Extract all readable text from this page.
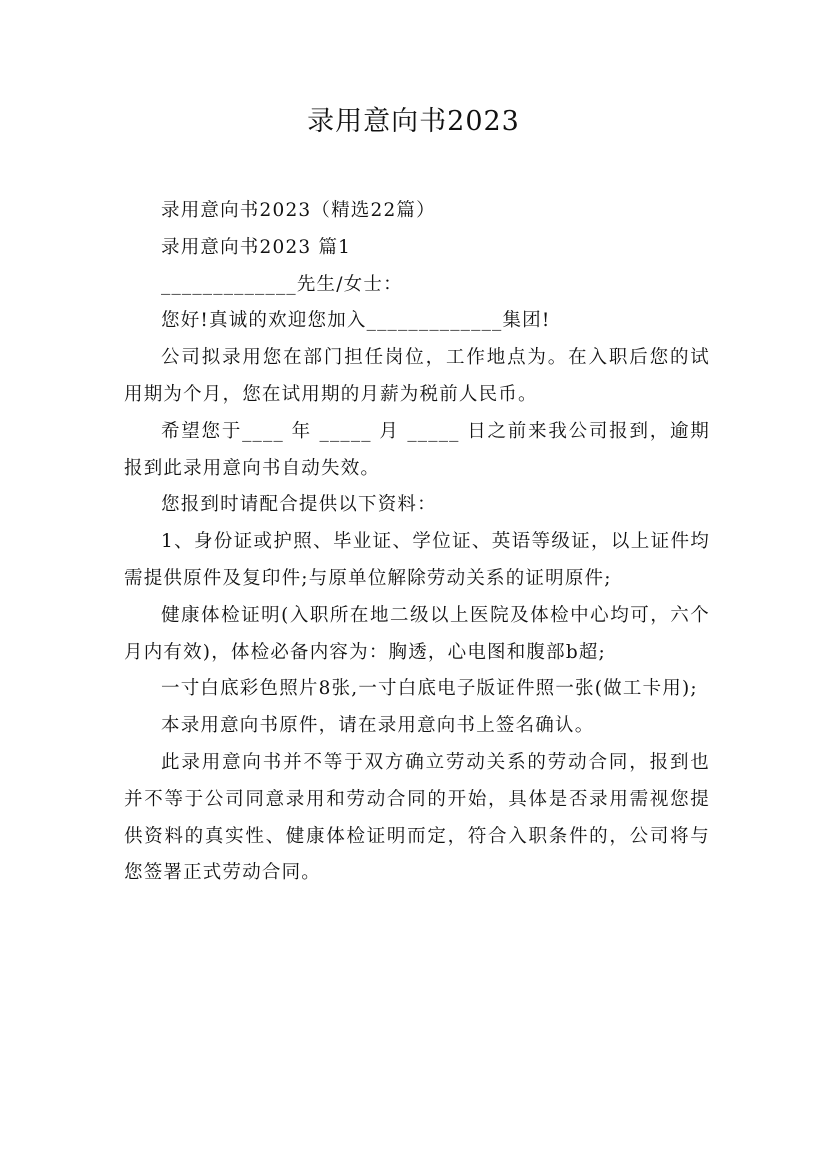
录用意向书2023

录用意向书2023（精选22篇）

录用意向书2023 篇1

_____________先生/女士：

您好!真诚的欢迎您加入_____________集团!

公司拟录用您在部门担任岗位，工作地点为。在入职后您的试用期为个月，您在试用期的月薪为税前人民币。

希望您于____ 年 _____ 月 _____ 日之前来我公司报到，逾期报到此录用意向书自动失效。

您报到时请配合提供以下资料：

1、身份证或护照、毕业证、学位证、英语等级证，以上证件均需提供原件及复印件;与原单位解除劳动关系的证明原件;

健康体检证明(入职所在地二级以上医院及体检中心均可，六个月内有效)，体检必备内容为：胸透，心电图和腹部b超;

一寸白底彩色照片8张,一寸白底电子版证件照一张(做工卡用);

本录用意向书原件，请在录用意向书上签名确认。

此录用意向书并不等于双方确立劳动关系的劳动合同，报到也并不等于公司同意录用和劳动合同的开始，具体是否录用需视您提供资料的真实性、健康体检证明而定，符合入职条件的，公司将与您签署正式劳动合同。
